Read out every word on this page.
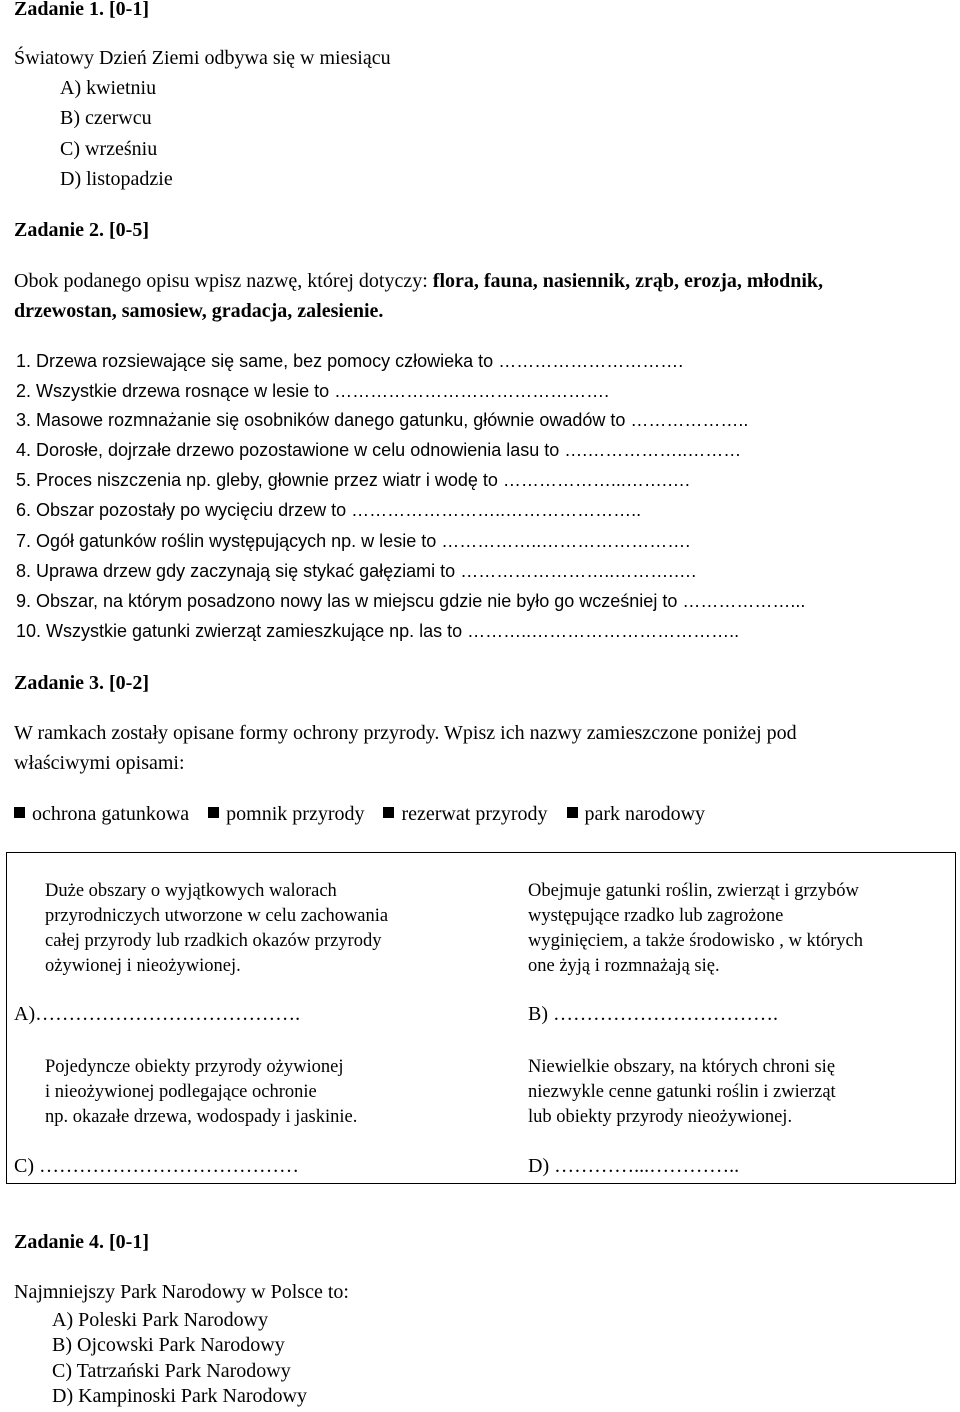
Zadanie 1. [0-1]
Światowy Dzień Ziemi odbywa się w miesiącu
A) kwietniu
B) czerwcu
C) wrześniu
D) listopadzie
Zadanie 2. [0-5]
Obok podanego opisu wpisz nazwę, której dotyczy: flora, fauna, nasiennik, zrąb, erozja, młodnik,
drzewostan, samosiew, gradacja, zalesienie.
1. Drzewa rozsiewające się same, bez pomocy człowieka to ………………………….
2. Wszystkie drzewa rosnące w lesie to ……………………………………….
3. Masowe rozmnażanie się osobników danego gatunku, głównie owadów to ………………..
4. Dorosłe, dojrzałe drzewo pozostawione w celu odnowienia lasu to ….……………..………
5. Proces niszczenia np. gleby, głownie przez wiatr i wodę to ………………...…….….
6. Obszar pozostały po wycięciu drzew to ……………………..…………………..
7. Ogół gatunków roślin występujących np. w lesie to ……………..…………………….
8. Uprawa drzew gdy zaczynają się stykać gałęziami to ……………………..……….….
9. Obszar, na którym posadzono nowy las w miejscu gdzie nie było go wcześniej to ………………...
10. Wszystkie gatunki zwierząt zamieszkujące np. las to ………..……………………………..
Zadanie 3. [0-2]
W ramkach zostały opisane formy ochrony przyrody. Wpisz ich nazwy zamieszczone poniżej pod
właściwymi opisami:
ochrona gatunkowa pomnik przyrody rezerwat przyrody park narodowy
Duże obszary o wyjątkowych walorach
przyrodniczych utworzone w celu zachowania
całej przyrody lub rzadkich okazów przyrody
ożywionej i nieożywionej.
A)………………………………….
Obejmuje gatunki roślin, zwierząt i grzybów
występujące rzadko lub zagrożone
wyginięciem, a także środowisko , w których
one żyją i rozmnażają się.
B) …………………………….
Pojedyncze obiekty przyrody ożywionej
i nieożywionej podlegające ochronie
np. okazałe drzewa, wodospady i jaskinie.
C) …………………………………
Niewielkie obszary, na których chroni się
niezwykle cenne gatunki roślin i zwierząt
lub obiekty przyrody nieożywionej.
D) …………...…………..
Zadanie 4. [0-1]
Najmniejszy Park Narodowy w Polsce to:
A) Poleski Park Narodowy
B) Ojcowski Park Narodowy
C) Tatrzański Park Narodowy
D) Kampinoski Park Narodowy
